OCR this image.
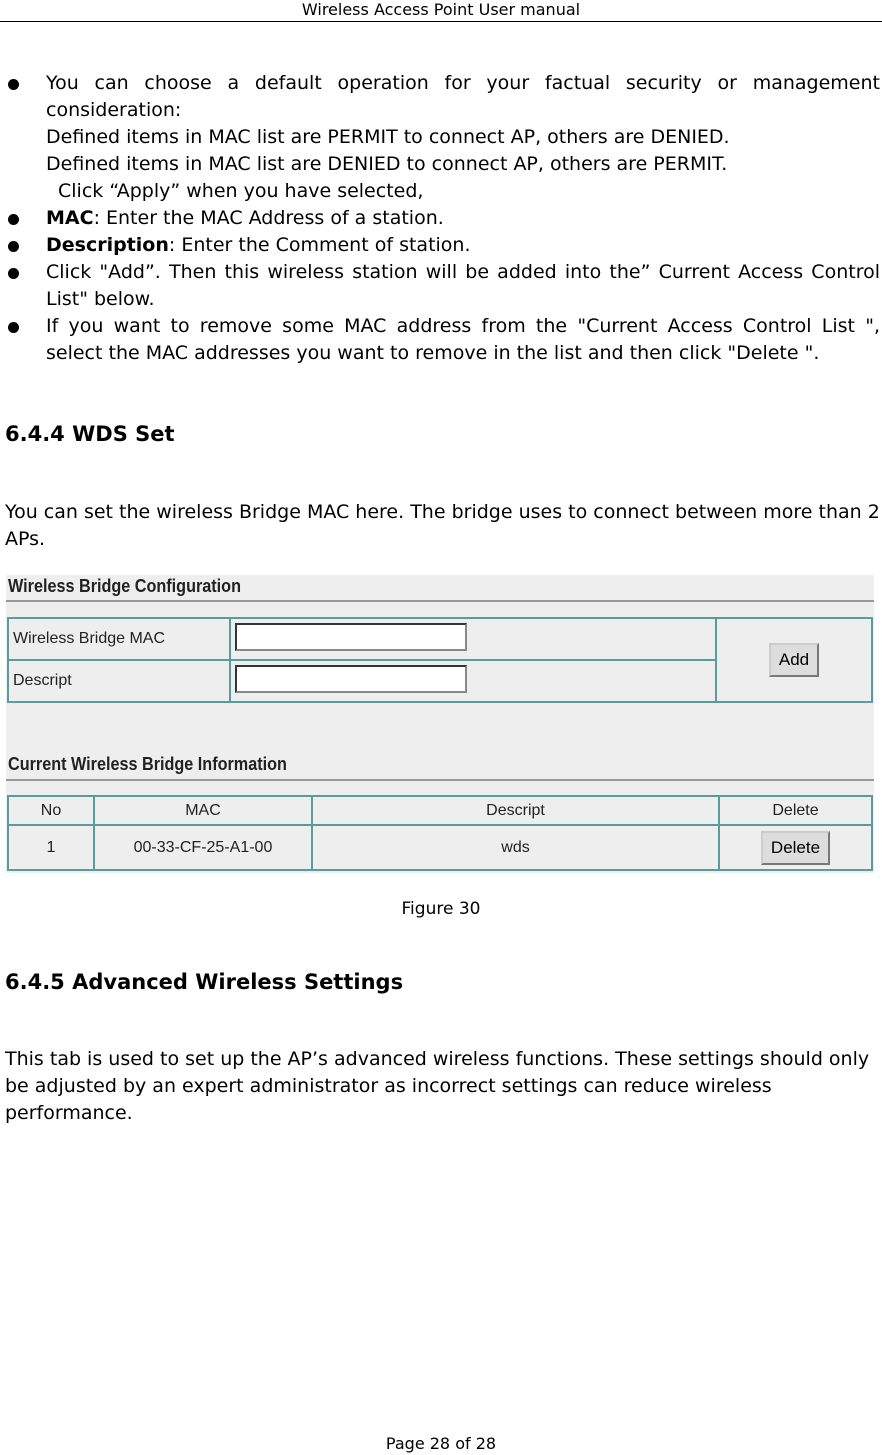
Wireless Access Point User manual
You can choose a default operation for your factual security or management consideration:
Defined items in MAC list are PERMIT to connect AP, others are DENIED.
Defined items in MAC list are DENIED to connect AP, others are PERMIT.
Click “Apply” when you have selected,
MAC: Enter the MAC Address of a station.
Description: Enter the Comment of station.
Click "Add”. Then this wireless station will be added into the” Current Access Control List" below.
If you want to remove some MAC address from the "Current Access Control List ", select the MAC addresses you want to remove in the list and then click "Delete ".
6.4.4 WDS Set
You can set the wireless Bridge MAC here. The bridge uses to connect between more than 2 APs.
Wireless Bridge Configuration
Wireless Bridge MAC		Add
Descript		
Current Wireless Bridge Information
No	MAC	Descript	Delete
1	00-33-CF-25-A1-00	wds	Delete
Figure 30
6.4.5 Advanced Wireless Settings
This tab is used to set up the AP’s advanced wireless functions. These settings should only be adjusted by an expert administrator as incorrect settings can reduce wireless performance.
Page 28 of 28
